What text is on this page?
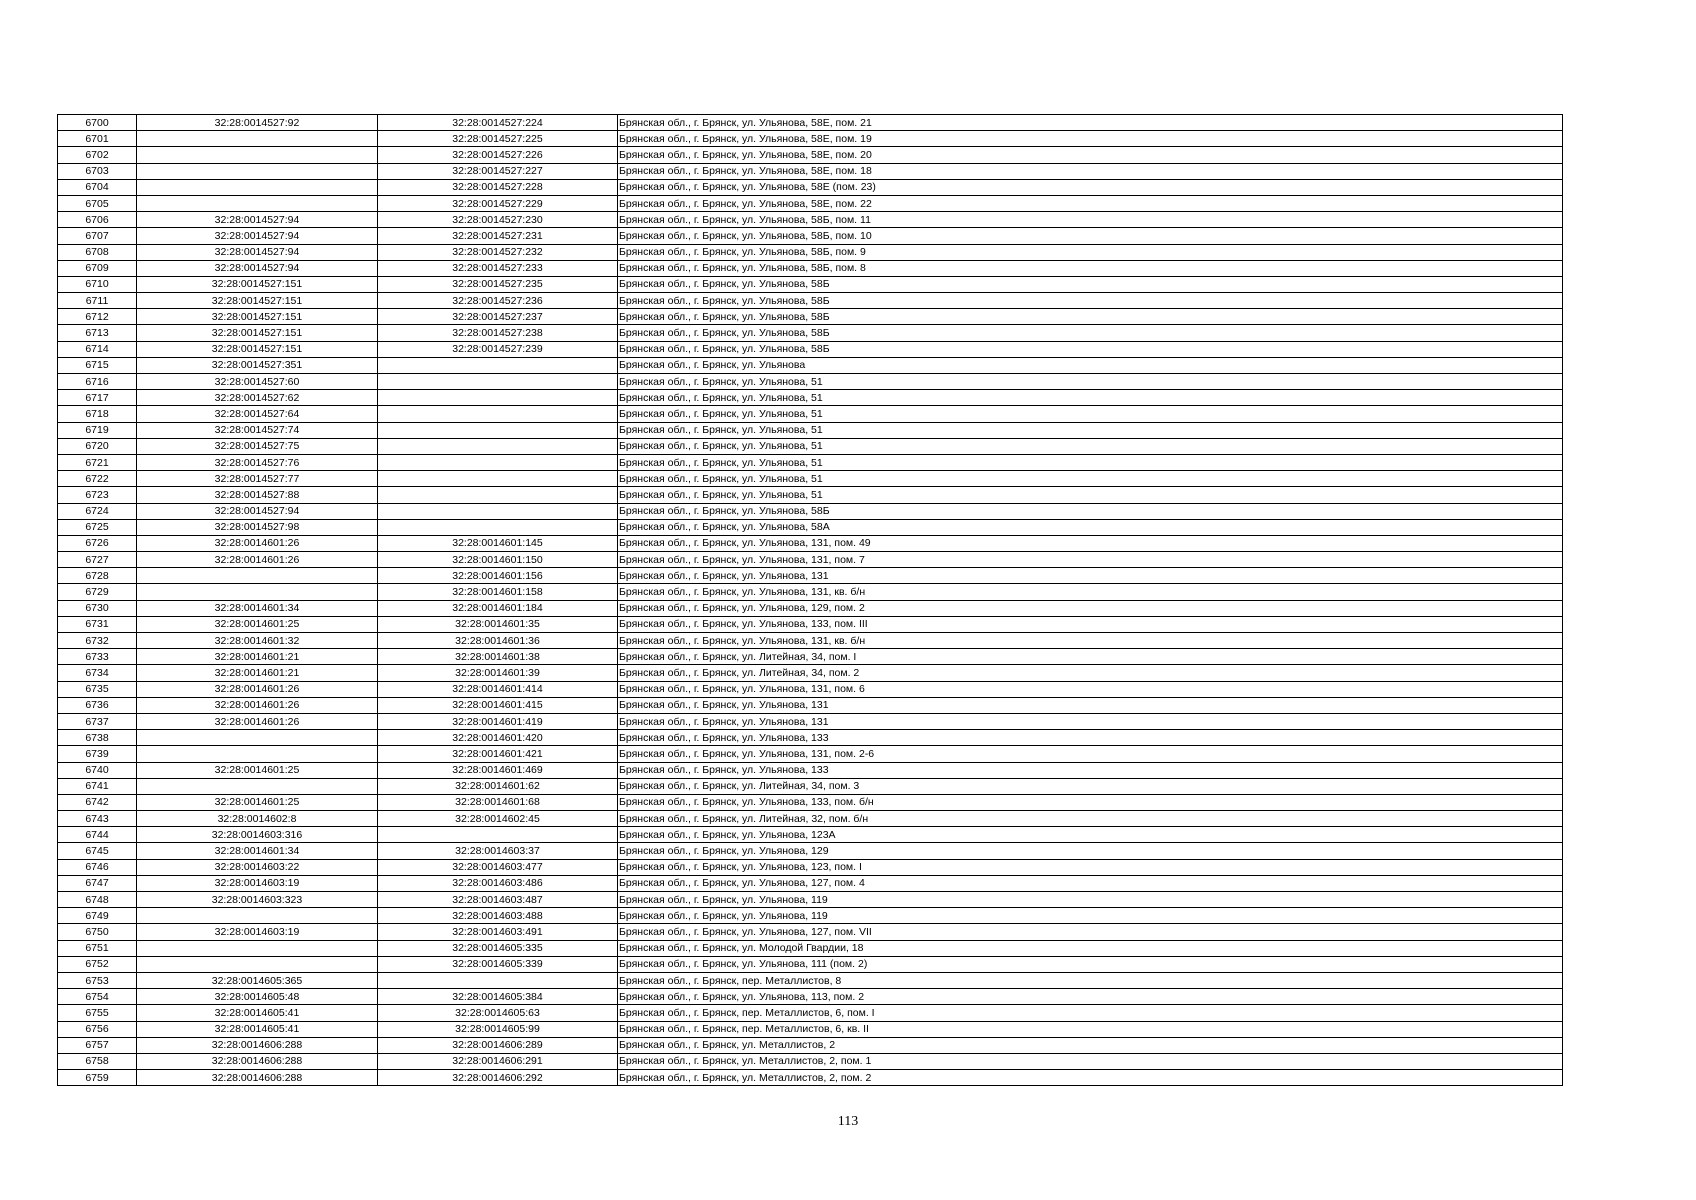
6700	32:28:0014527:92	32:28:0014527:224	Брянская обл., г. Брянск, ул. Ульянова, 58Е, пом. 21
6701		32:28:0014527:225	Брянская обл., г. Брянск, ул. Ульянова, 58Е, пом. 19
6702		32:28:0014527:226	Брянская обл., г. Брянск, ул. Ульянова, 58Е, пом. 20
6703		32:28:0014527:227	Брянская обл., г. Брянск, ул. Ульянова, 58Е, пом. 18
6704		32:28:0014527:228	Брянская обл., г. Брянск, ул. Ульянова, 58Е (пом. 23)
6705		32:28:0014527:229	Брянская обл., г. Брянск, ул. Ульянова, 58Е, пом. 22
6706	32:28:0014527:94	32:28:0014527:230	Брянская обл., г. Брянск, ул. Ульянова, 58Б, пом. 11
6707	32:28:0014527:94	32:28:0014527:231	Брянская обл., г. Брянск, ул. Ульянова, 58Б, пом. 10
6708	32:28:0014527:94	32:28:0014527:232	Брянская обл., г. Брянск, ул. Ульянова, 58Б, пом. 9
6709	32:28:0014527:94	32:28:0014527:233	Брянская обл., г. Брянск, ул. Ульянова, 58Б, пом. 8
6710	32:28:0014527:151	32:28:0014527:235	Брянская обл., г. Брянск, ул. Ульянова, 58Б
6711	32:28:0014527:151	32:28:0014527:236	Брянская обл., г. Брянск, ул. Ульянова, 58Б
6712	32:28:0014527:151	32:28:0014527:237	Брянская обл., г. Брянск, ул. Ульянова, 58Б
6713	32:28:0014527:151	32:28:0014527:238	Брянская обл., г. Брянск, ул. Ульянова, 58Б
6714	32:28:0014527:151	32:28:0014527:239	Брянская обл., г. Брянск, ул. Ульянова, 58Б
6715	32:28:0014527:351		Брянская обл., г. Брянск, ул. Ульянова
6716	32:28:0014527:60		Брянская обл., г. Брянск, ул. Ульянова, 51
6717	32:28:0014527:62		Брянская обл., г. Брянск, ул. Ульянова, 51
6718	32:28:0014527:64		Брянская обл., г. Брянск, ул. Ульянова, 51
6719	32:28:0014527:74		Брянская обл., г. Брянск, ул. Ульянова, 51
6720	32:28:0014527:75		Брянская обл., г. Брянск, ул. Ульянова, 51
6721	32:28:0014527:76		Брянская обл., г. Брянск, ул. Ульянова, 51
6722	32:28:0014527:77		Брянская обл., г. Брянск, ул. Ульянова, 51
6723	32:28:0014527:88		Брянская обл., г. Брянск, ул. Ульянова, 51
6724	32:28:0014527:94		Брянская обл., г. Брянск, ул. Ульянова, 58Б
6725	32:28:0014527:98		Брянская обл., г. Брянск, ул. Ульянова, 58А
6726	32:28:0014601:26	32:28:0014601:145	Брянская обл., г. Брянск, ул. Ульянова, 131, пом. 49
6727	32:28:0014601:26	32:28:0014601:150	Брянская обл., г. Брянск, ул. Ульянова, 131, пом. 7
6728		32:28:0014601:156	Брянская обл., г. Брянск, ул. Ульянова, 131
6729		32:28:0014601:158	Брянская обл., г. Брянск, ул. Ульянова, 131, кв. б/н
6730	32:28:0014601:34	32:28:0014601:184	Брянская обл., г. Брянск, ул. Ульянова, 129, пом. 2
6731	32:28:0014601:25	32:28:0014601:35	Брянская обл., г. Брянск, ул. Ульянова, 133, пом. III
6732	32:28:0014601:32	32:28:0014601:36	Брянская обл., г. Брянск, ул. Ульянова, 131, кв. б/н
6733	32:28:0014601:21	32:28:0014601:38	Брянская обл., г. Брянск, ул. Литейная, 34, пом. I
6734	32:28:0014601:21	32:28:0014601:39	Брянская обл., г. Брянск, ул. Литейная, 34, пом. 2
6735	32:28:0014601:26	32:28:0014601:414	Брянская обл., г. Брянск, ул. Ульянова, 131, пом. 6
6736	32:28:0014601:26	32:28:0014601:415	Брянская обл., г. Брянск, ул. Ульянова, 131
6737	32:28:0014601:26	32:28:0014601:419	Брянская обл., г. Брянск, ул. Ульянова, 131
6738		32:28:0014601:420	Брянская обл., г. Брянск, ул. Ульянова, 133
6739		32:28:0014601:421	Брянская обл., г. Брянск, ул. Ульянова, 131, пом. 2-6
6740	32:28:0014601:25	32:28:0014601:469	Брянская обл., г. Брянск, ул. Ульянова, 133
6741		32:28:0014601:62	Брянская обл., г. Брянск, ул. Литейная, 34, пом. 3
6742	32:28:0014601:25	32:28:0014601:68	Брянская обл., г. Брянск, ул. Ульянова, 133, пом. б/н
6743	32:28:0014602:8	32:28:0014602:45	Брянская обл., г. Брянск, ул. Литейная, 32, пом. б/н
6744	32:28:0014603:316		Брянская обл., г. Брянск, ул. Ульянова, 123А
6745	32:28:0014601:34	32:28:0014603:37	Брянская обл., г. Брянск, ул. Ульянова, 129
6746	32:28:0014603:22	32:28:0014603:477	Брянская обл., г. Брянск, ул. Ульянова, 123, пом. I
6747	32:28:0014603:19	32:28:0014603:486	Брянская обл., г. Брянск, ул. Ульянова, 127, пом. 4
6748	32:28:0014603:323	32:28:0014603:487	Брянская обл., г. Брянск, ул. Ульянова, 119
6749		32:28:0014603:488	Брянская обл., г. Брянск, ул. Ульянова, 119
6750	32:28:0014603:19	32:28:0014603:491	Брянская обл., г. Брянск, ул. Ульянова, 127, пом. VII
6751		32:28:0014605:335	Брянская обл., г. Брянск, ул. Молодой Гвардии, 18
6752		32:28:0014605:339	Брянская обл., г. Брянск, ул. Ульянова, 111 (пом. 2)
6753	32:28:0014605:365		Брянская обл., г. Брянск, пер. Металлистов, 8
6754	32:28:0014605:48	32:28:0014605:384	Брянская обл., г. Брянск, ул. Ульянова, 113, пом. 2
6755	32:28:0014605:41	32:28:0014605:63	Брянская обл., г. Брянск, пер. Металлистов, 6, пом. I
6756	32:28:0014605:41	32:28:0014605:99	Брянская обл., г. Брянск, пер. Металлистов, 6, кв. II
6757	32:28:0014606:288	32:28:0014606:289	Брянская обл., г. Брянск, ул. Металлистов, 2
6758	32:28:0014606:288	32:28:0014606:291	Брянская обл., г. Брянск, ул. Металлистов, 2, пом. 1
6759	32:28:0014606:288	32:28:0014606:292	Брянская обл., г. Брянск, ул. Металлистов, 2, пом. 2
113
